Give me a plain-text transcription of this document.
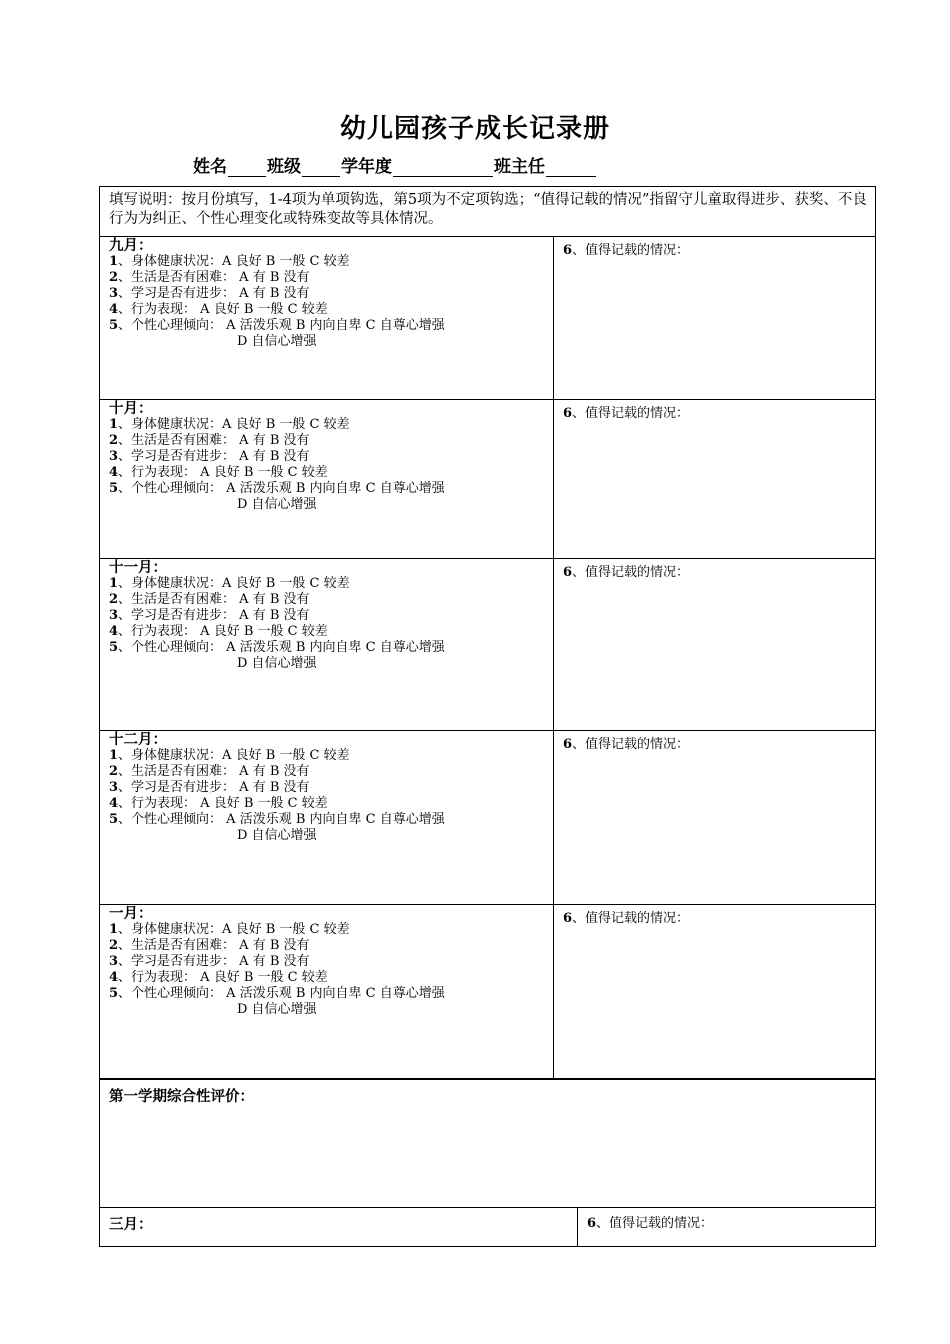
幼儿园孩子成长记录册
姓名 班级 学年度	班主任
填写说明：按月份填写，1-4项为单项钩选，第5项为不定项钩选；“值得记载的情况”指留守儿童取得进步、获奖、不良行为为纠正、个性心理变化或特殊变故等具体情况。
九月：
1、身体健康状况：A 良好 B 一般 C 较差
2、生活是否有困难： A 有 B 没有
3、学习是否有进步： A 有 B 没有
4、行为表现： A 良好 B 一般 C 较差
5、个性心理倾向： A 活泼乐观 B 内向自卑 C 自尊心增强
D 自信心增强
6、值得记载的情况：
十月：
1、身体健康状况：A 良好 B 一般 C 较差
2、生活是否有困难： A 有 B 没有
3、学习是否有进步： A 有 B 没有
4、行为表现： A 良好 B 一般 C 较差
5、个性心理倾向： A 活泼乐观 B 内向自卑 C 自尊心增强
D 自信心增强
6、值得记载的情况：
十一月：
1、身体健康状况：A 良好 B 一般 C 较差
2、生活是否有困难： A 有 B 没有
3、学习是否有进步： A 有 B 没有
4、行为表现： A 良好 B 一般 C 较差
5、个性心理倾向： A 活泼乐观 B 内向自卑 C 自尊心增强
D 自信心增强
6、值得记载的情况：
十二月：
1、身体健康状况：A 良好 B 一般 C 较差
2、生活是否有困难： A 有 B 没有
3、学习是否有进步： A 有 B 没有
4、行为表现： A 良好 B 一般 C 较差
5、个性心理倾向： A 活泼乐观 B 内向自卑 C 自尊心增强
D 自信心增强
6、值得记载的情况：
一月：
1、身体健康状况：A 良好 B 一般 C 较差
2、生活是否有困难： A 有 B 没有
3、学习是否有进步： A 有 B 没有
4、行为表现： A 良好 B 一般 C 较差
5、个性心理倾向： A 活泼乐观 B 内向自卑 C 自尊心增强
D 自信心增强
6、值得记载的情况：
第一学期综合性评价：
三月：	6、值得记载的情况：
